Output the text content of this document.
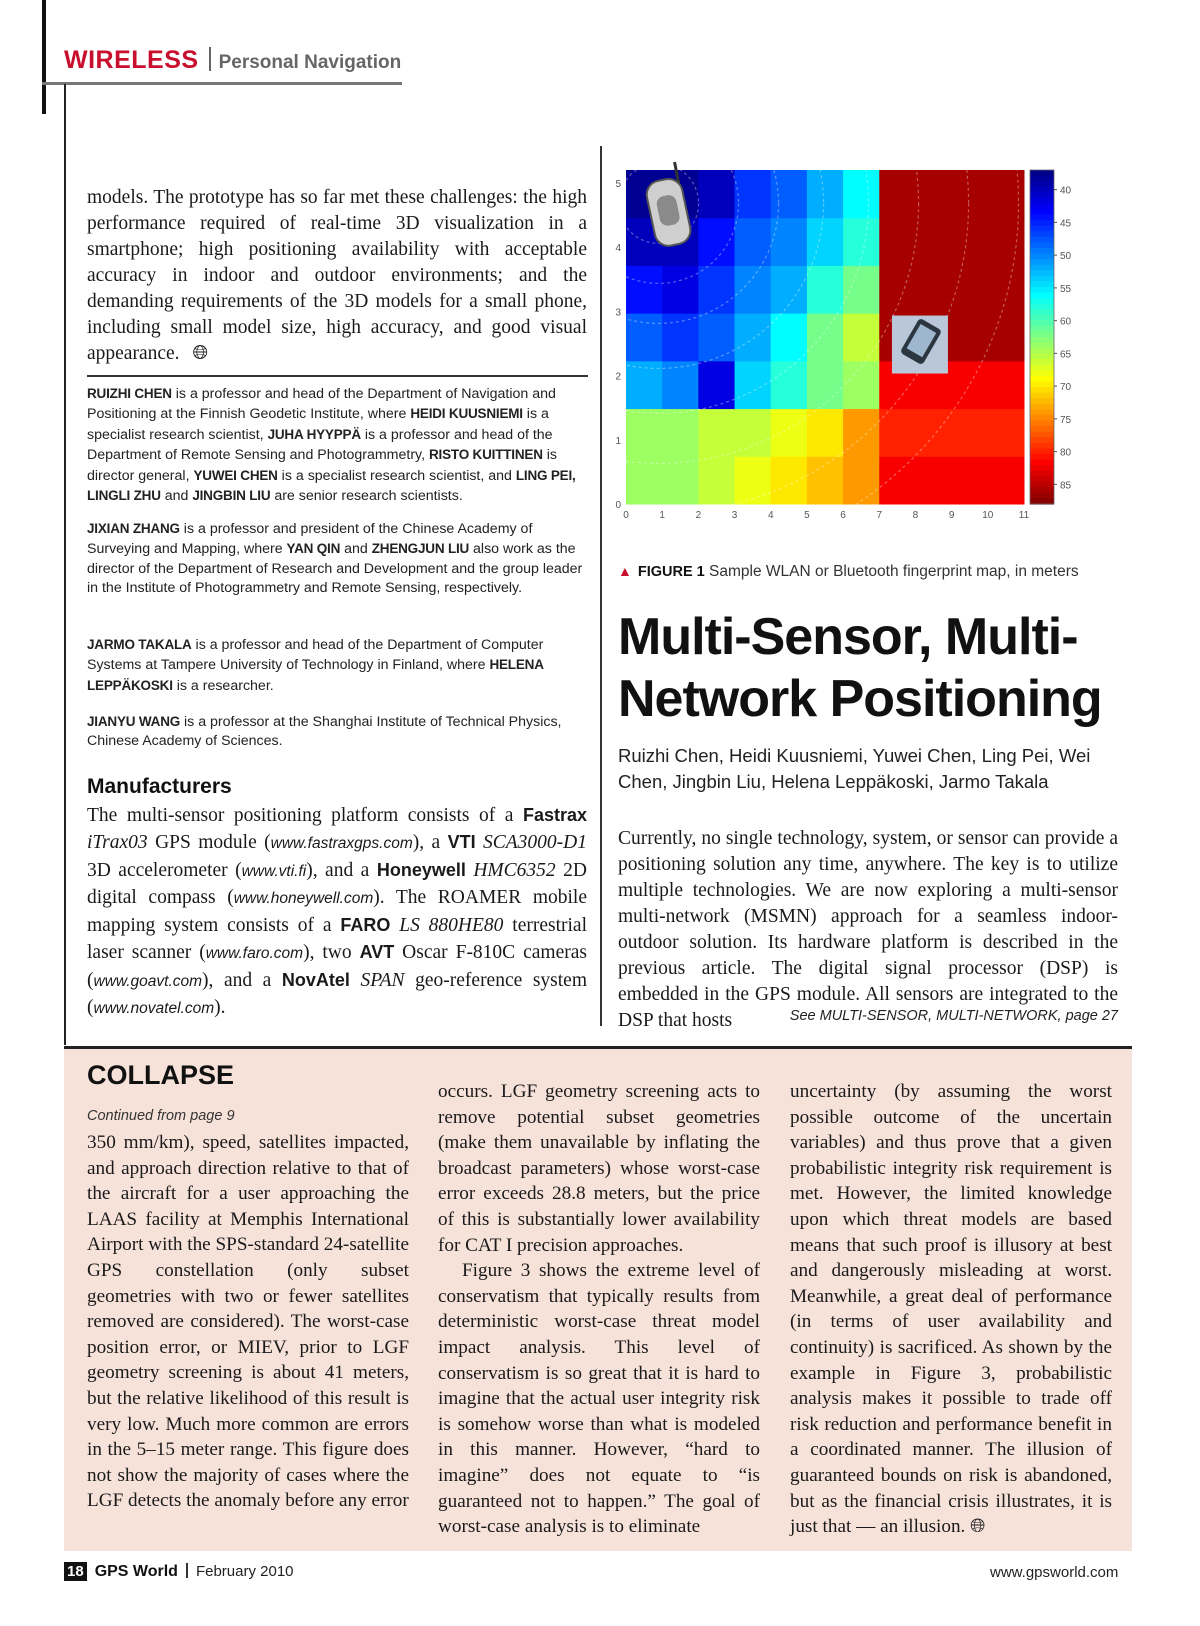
WIRELESS Personal Navigation
models. The prototype has so far met these challenges: the high performance required of real-time 3D visualization in a smartphone; high positioning availability with acceptable accuracy in indoor and outdoor environments; and the demanding requirements of the 3D models for a small phone, including small model size, high accuracy, and good visual appearance. 🌐︎
RUIZHI CHEN is a professor and head of the Department of Navigation and Positioning at the Finnish Geodetic Institute, where HEIDI KUUSNIEMI is a specialist research scientist, JUHA HYYPPÄ is a professor and head of the Department of Remote Sensing and Photogrammetry, RISTO KUITTINEN is director general, YUWEI CHEN is a specialist research scientist, and LING PEI, LINGLI ZHU and JINGBIN LIU are senior research scientists.
JIXIAN ZHANG is a professor and president of the Chinese Academy of Surveying and Mapping, where YAN QIN and ZHENGJUN LIU also work as the director of the Department of Research and Development and the group leader in the Institute of Photogrammetry and Remote Sensing, respectively.
JARMO TAKALA is a professor and head of the Department of Computer Systems at Tampere University of Technology in Finland, where HELENA LEPPÄKOSKI is a researcher.
JIANYU WANG is a professor at the Shanghai Institute of Technical Physics, Chinese Academy of Sciences.
Manufacturers
The multi-sensor positioning platform consists of a Fastrax iTrax03 GPS module (www.fastraxgps.com), a VTI SCA3000-D1 3D accelerometer (www.vti.fi), and a Honeywell HMC6352 2D digital compass (www.honeywell.com). The ROAMER mobile mapping system consists of a FARO LS 880HE80 terrestrial laser scanner (www.faro.com), two AVT Oscar F-810C cameras (www.goavt.com), and a NovAtel SPAN geo-reference system (www.novatel.com).
0	1	2	3	4	5	6	7	8	9	10	11
0
1
2
3
4
5
40
45
50
55
60
65
70
75
80
85
▲ FIGURE 1 Sample WLAN or Bluetooth fingerprint map, in meters
Multi-Sensor, Multi-Network Positioning
Ruizhi Chen, Heidi Kuusniemi, Yuwei Chen, Ling Pei, Wei Chen, Jingbin Liu, Helena Leppäkoski, Jarmo Takala
Currently, no single technology, system, or sensor can provide a positioning solution any time, anywhere. The key is to utilize multiple technologies. We are now exploring a multi-sensor multi-network (MSMN) approach for a seamless indoor-outdoor solution. Its hardware platform is described in the previous article. The digital signal processor (DSP) is embedded in the GPS module. All sensors are integrated to the DSP that hosts	See MULTI-SENSOR, MULTI-NETWORK, page 27
COLLAPSE
Continued from page 9
350 mm/km), speed, satellites impacted, and approach direction relative to that of the aircraft for a user approaching the LAAS facility at Memphis International Airport with the SPS-standard 24-satellite GPS constellation (only subset geometries with two or fewer satellites removed are considered). The worst-case position error, or MIEV, prior to LGF geometry screening is about 41 meters, but the relative likelihood of this result is very low. Much more common are errors in the 5–15 meter range. This figure does not show the majority of cases where the LGF detects the anomaly before any error
occurs. LGF geometry screening acts to remove potential subset geometries (make them unavailable by inflating the broadcast parameters) whose worst-case error exceeds 28.8 meters, but the price of this is substantially lower availability for CAT I precision approaches.
Figure 3 shows the extreme level of conservatism that typically results from deterministic worst-case threat model impact analysis. This level of conservatism is so great that it is hard to imagine that the actual user integrity risk is somehow worse than what is modeled in this manner. However, “hard to imagine” does not equate to “is guaranteed not to happen.” The goal of worst-case analysis is to eliminate
uncertainty (by assuming the worst possible outcome of the uncertain variables) and thus prove that a given probabilistic integrity risk requirement is met. However, the limited knowledge upon which threat models are based means that such proof is illusory at best and dangerously misleading at worst. Meanwhile, a great deal of performance (in terms of user availability and continuity) is sacrificed. As shown by the example in Figure 3, probabilistic analysis makes it possible to trade off risk reduction and performance benefit in a coordinated manner. The illusion of guaranteed bounds on risk is abandoned, but as the financial crisis illustrates, it is just that — an illusion. 🌐︎
18 GPS World February 2010	www.gpsworld.com
